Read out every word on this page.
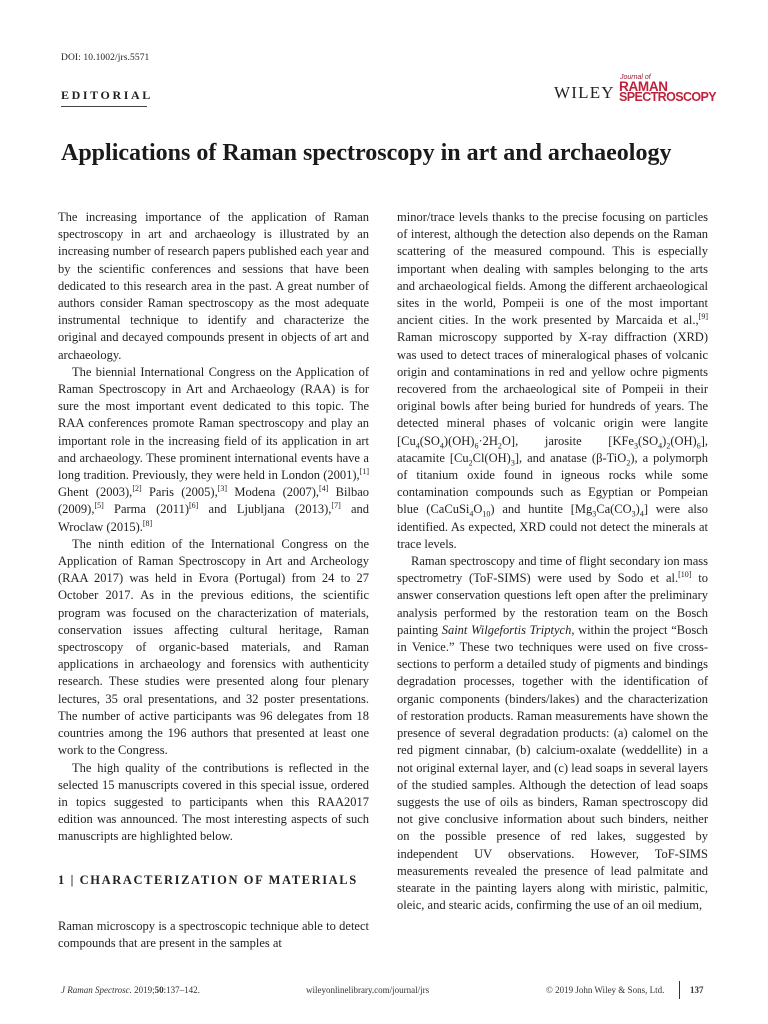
DOI: 10.1002/jrs.5571
EDITORIAL	WILEY
Journal of
RAMAN
SPECTROSCOPY
Applications of Raman spectroscopy in art and archaeology

The increasing importance of the application of Raman spectroscopy in art and archaeology is illustrated by an increasing number of research papers published each year and by the scientific conferences and sessions that have been dedicated to this research area in the past. A great number of authors consider Raman spectroscopy as the most adequate instrumental technique to identify and characterize the original and decayed compounds present in objects of art and archaeology.

The biennial International Congress on the Application of Raman Spectroscopy in Art and Archaeology (RAA) is for sure the most important event dedicated to this topic. The RAA conferences promote Raman spectroscopy and play an important role in the increasing field of its application in art and archaeology. These prominent international events have a long tradition. Previously, they were held in London (2001),[1] Ghent (2003),[2] Paris (2005),[3] Modena (2007),[4] Bilbao (2009),[5] Parma (2011)[6] and Ljubljana (2013),[7] and Wroclaw (2015).[8]

The ninth edition of the International Congress on the Application of Raman Spectroscopy in Art and Archeology (RAA 2017) was held in Evora (Portugal) from 24 to 27 October 2017. As in the previous editions, the scientific program was focused on the characterization of materials, conservation issues affecting cultural heritage, Raman spectroscopy of organic-based materials, and Raman applications in archaeology and forensics with authenticity research. These studies were presented along four plenary lectures, 35 oral presentations, and 32 poster presentations. The number of active participants was 96 delegates from 18 countries among the 196 authors that presented at least one work to the Congress.

The high quality of the contributions is reflected in the selected 15 manuscripts covered in this special issue, ordered in topics suggested to participants when this RAA2017 edition was announced. The most interesting aspects of such manuscripts are highlighted below.

1 | CHARACTERIZATION OF MATERIALS

Raman microscopy is a spectroscopic technique able to detect compounds that are present in the samples at

minor/trace levels thanks to the precise focusing on particles of interest, although the detection also depends on the Raman scattering of the measured compound. This is especially important when dealing with samples belonging to the arts and archaeological fields. Among the different archaeological sites in the world, Pompeii is one of the most important ancient cities. In the work presented by Marcaida et al.,[9] Raman microscopy supported by X-ray diffraction (XRD) was used to detect traces of mineralogical phases of volcanic origin and contaminations in red and yellow ochre pigments recovered from the archaeological site of Pompeii in their original bowls after being buried for hundreds of years. The detected mineral phases of volcanic origin were langite $[Cu_4(SO_4)(OH)_6\cdot 2H_2O]$, jarosite $[KFe_3(SO_4)_2(OH)_6]$, atacamite $[Cu_2Cl(OH)_3]$, and anatase (β-TiO$_2$), a polymorph of titanium oxide found in igneous rocks while some contamination compounds such as Egyptian or Pompeian blue $(CaCuSi_4O_{10})$ and huntite $[Mg_3Ca(CO_3)_4]$ were also identified. As expected, XRD could not detect the minerals at trace levels.

Raman spectroscopy and time of flight secondary ion mass spectrometry (ToF-SIMS) were used by Sodo et al.[10] to answer conservation questions left open after the preliminary analysis performed by the restoration team on the Bosch painting Saint Wilgefortis Triptych, within the project “Bosch in Venice.” These two techniques were used on five cross-sections to perform a detailed study of pigments and bindings degradation processes, together with the identification of organic components (binders/lakes) and the characterization of restoration products. Raman measurements have shown the presence of several degradation products: (a) calomel on the red pigment cinnabar, (b) calcium-oxalate (weddellite) in a not original external layer, and (c) lead soaps in several layers of the studied samples. Although the detection of lead soaps suggests the use of oils as binders, Raman spectroscopy did not give conclusive information about such binders, neither on the possible presence of red lakes, suggested by independent UV observations. However, ToF-SIMS measurements revealed the presence of lead palmitate and stearate in the painting layers along with miristic, palmitic, oleic, and stearic acids, confirming the use of an oil medium,

J Raman Spectrosc. 2019;50:137–142.	wileyonlinelibrary.com/journal/jrs	© 2019 John Wiley & Sons, Ltd.	137
